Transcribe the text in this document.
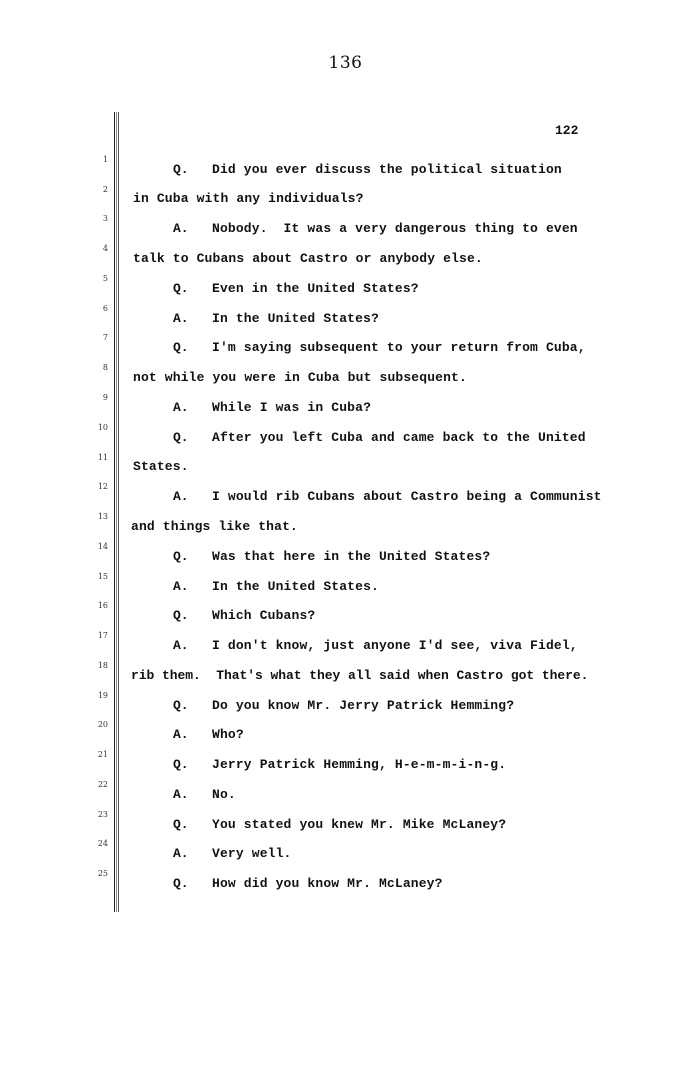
136
122
1
2
3
4
5
6
7
8
9
10
11
12
13
14
15
16
17
18
19
20
21
22
23
24
25
Q.
A.
Q.
A.
Q.
A.
Q.
A.
Q.
A.
Q.
A.
Q.
A.
Q.
A.
Q.
A.
Q.
Did you ever discuss the political situation
in Cuba with any individuals?
Nobody.  It was a very dangerous thing to even
talk to Cubans about Castro or anybody else.
Even in the United States?
In the United States?
I'm saying subsequent to your return from Cuba,
not while you were in Cuba but subsequent.
While I was in Cuba?
After you left Cuba and came back to the United
States.
I would rib Cubans about Castro being a Communist
and things like that.
Was that here in the United States?
In the United States.
Which Cubans?
I don't know, just anyone I'd see, viva Fidel,
rib them.  That's what they all said when Castro got there.
Do you know Mr. Jerry Patrick Hemming?
Who?
Jerry Patrick Hemming, H-e-m-m-i-n-g.
No.
You stated you knew Mr. Mike McLaney?
Very well.
How did you know Mr. McLaney?
